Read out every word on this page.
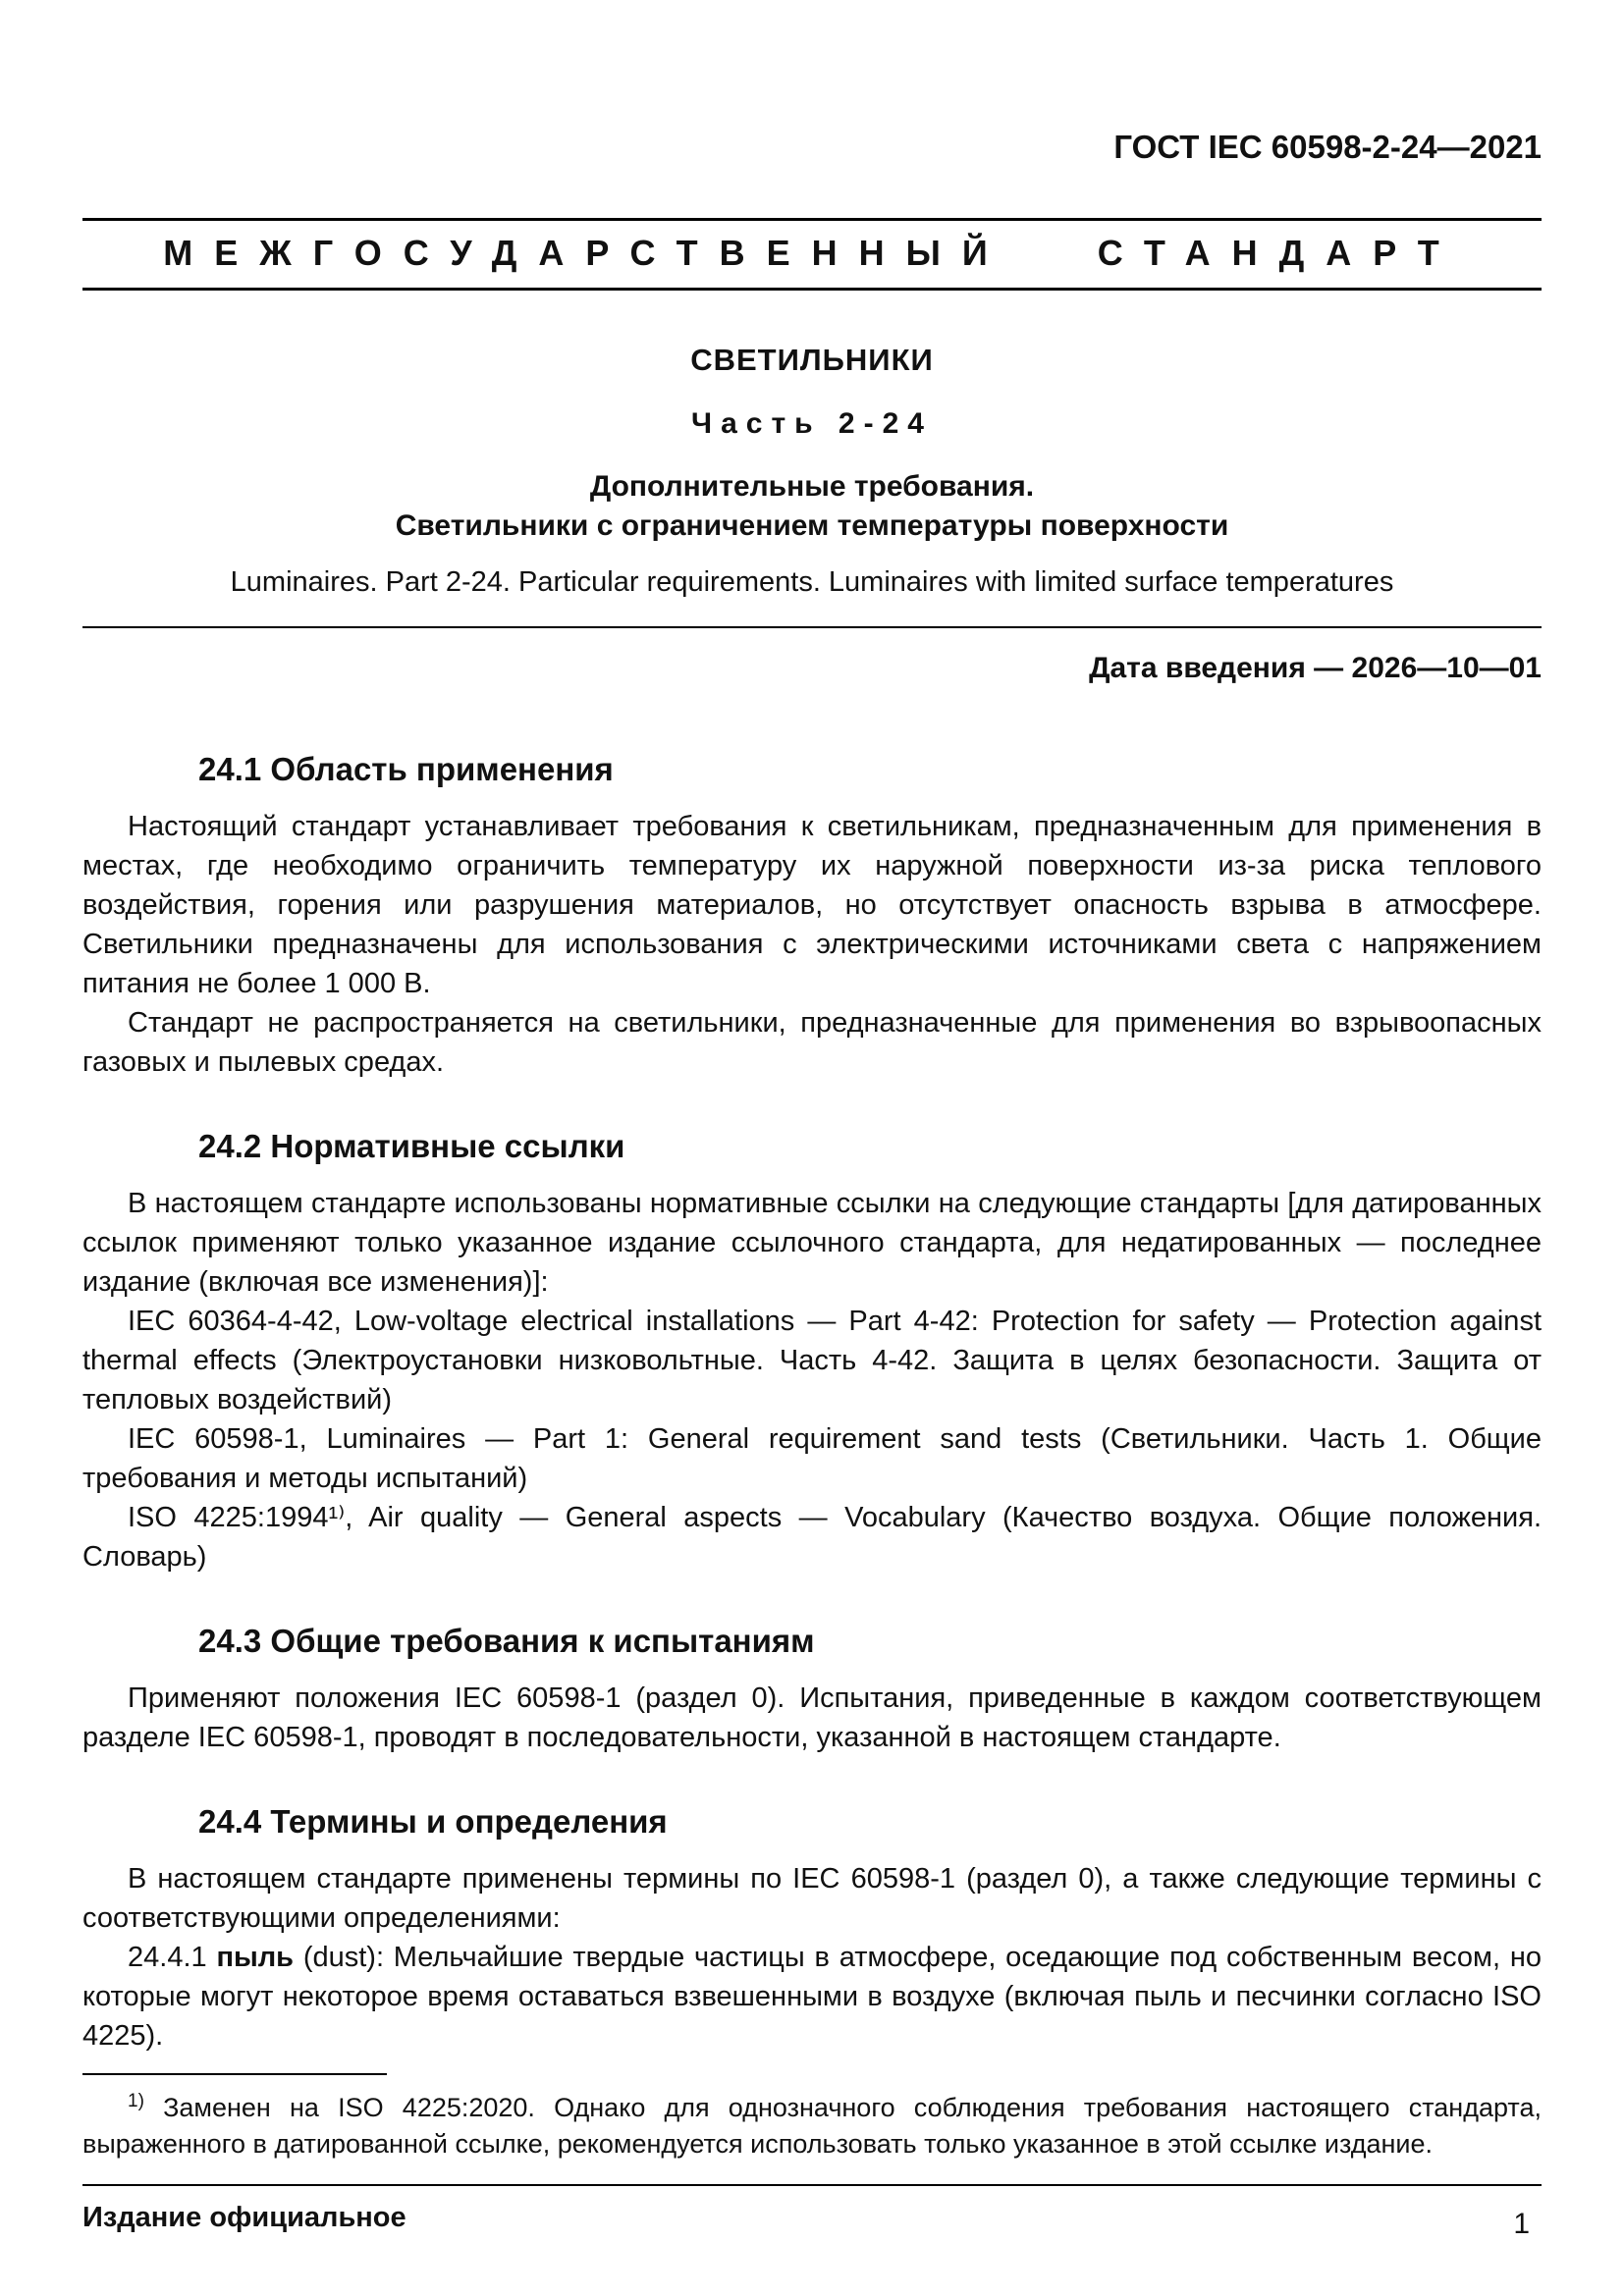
ГОСТ IEC 60598-2-24—2021
МЕЖГОСУДАРСТВЕННЫЙ СТАНДАРТ
СВЕТИЛЬНИКИ
Часть 2-24
Дополнительные требования.
Светильники с ограничением температуры поверхности
Luminaires. Part 2-24. Particular requirements. Luminaires with limited surface temperatures
Дата введения — 2026—10—01
24.1 Область применения

Настоящий стандарт устанавливает требования к светильникам, предназначенным для применения в местах, где необходимо ограничить температуру их наружной поверхности из-за риска теплового воздействия, горения или разрушения материалов, но отсутствует опасность взрыва в атмосфере. Светильники предназначены для использования с электрическими источниками света с напряжением питания не более 1 000 В.

Стандарт не распространяется на светильники, предназначенные для применения во взрывоопасных газовых и пылевых средах.

24.2 Нормативные ссылки

В настоящем стандарте использованы нормативные ссылки на следующие стандарты [для датированных ссылок применяют только указанное издание ссылочного стандарта, для недатированных — последнее издание (включая все изменения)]:

IEC 60364-4-42, Low-voltage electrical installations — Part 4-42: Protection for safety — Protection against thermal effects (Электроустановки низковольтные. Часть 4-42. Защита в целях безопасности. Защита от тепловых воздействий)

IEC 60598-1, Luminaires — Part 1: General requirement sand tests (Светильники. Часть 1. Общие требования и методы испытаний)

ISO 4225:1994¹⁾, Air quality — General aspects — Vocabulary (Качество воздуха. Общие положения. Словарь)

24.3 Общие требования к испытаниям

Применяют положения IEC 60598-1 (раздел 0). Испытания, приведенные в каждом соответствующем разделе IEC 60598-1, проводят в последовательности, указанной в настоящем стандарте.

24.4 Термины и определения

В настоящем стандарте применены термины по IEC 60598-1 (раздел 0), а также следующие термины с соответствующими определениями:

24.4.1 пыль (dust): Мельчайшие твердые частицы в атмосфере, оседающие под собственным весом, но которые могут некоторое время оставаться взвешенными в воздухе (включая пыль и песчинки согласно ISO 4225).

$^{1)}$ Заменен на ISO 4225:2020. Однако для однозначного соблюдения требования настоящего стандарта, выраженного в датированной ссылке, рекомендуется использовать только указанное в этой ссылке издание.

Издание официальное	1
